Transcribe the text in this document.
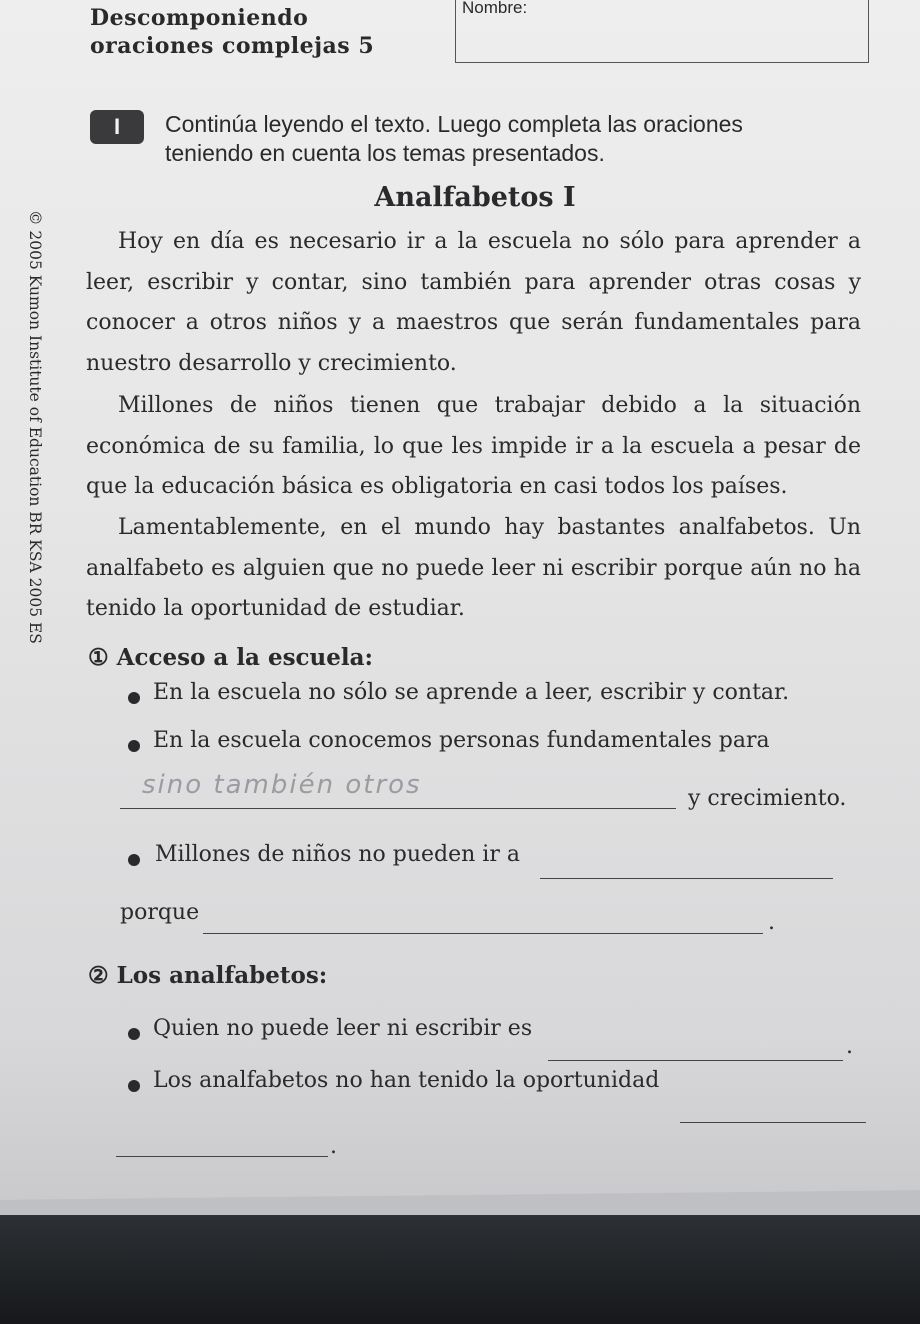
Descomponiendo
oraciones complejas 5
Nombre:
© 2005 Kumon Institute of Education BR KSA 2005 ES
I	Continúa leyendo el texto. Luego completa las oraciones
teniendo en cuenta los temas presentados.
Analfabetos I
Hoy en día es necesario ir a la escuela no sólo para aprender a
leer, escribir y contar, sino también para aprender otras cosas y
conocer a otros niños y a maestros que serán fundamentales para
nuestro desarrollo y crecimiento.
Millones de niños tienen que trabajar debido a la situación
económica de su familia, lo que les impide ir a la escuela a pesar de
que la educación básica es obligatoria en casi todos los países.
Lamentablemente, en el mundo hay bastantes analfabetos. Un
analfabeto es alguien que no puede leer ni escribir porque aún no ha
tenido la oportunidad de estudiar.
① Acceso a la escuela:
En la escuela no sólo se aprende a leer, escribir y contar.
En la escuela conocemos personas fundamentales para
sino también otros	y crecimiento.
Millones de niños no pueden ir a
porque	.
② Los analfabetos:
Quien no puede leer ni escribir es
.
Los analfabetos no han tenido la oportunidad
.
